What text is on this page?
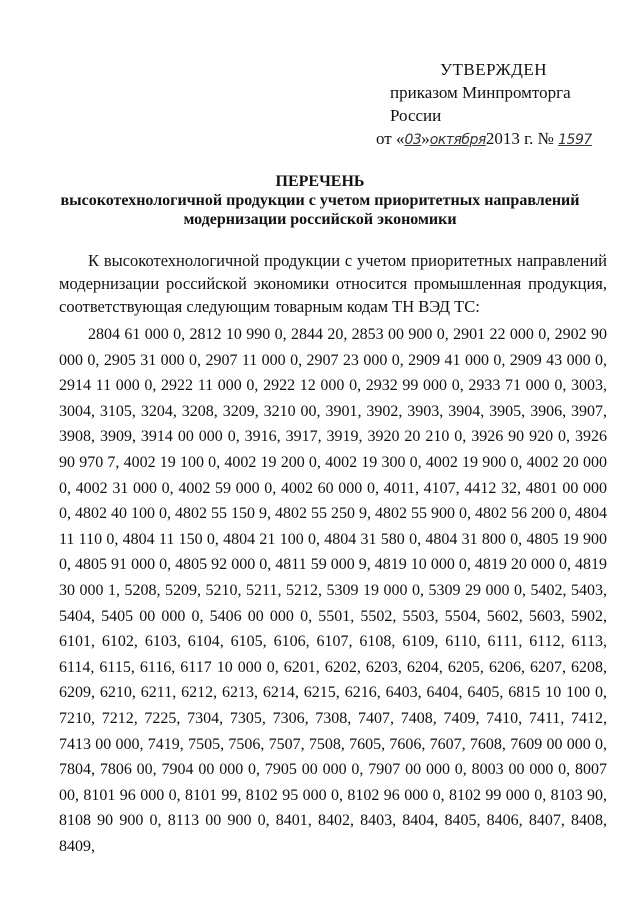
УТВЕРЖДЕН
приказом Минпромторга России
от «03»октября2013 г. № 1597
ПЕРЕЧЕНЬ
высокотехнологичной продукции с учетом приоритетных направлений
модернизации российской экономики

К высокотехнологичной продукции с учетом приоритетных направлений модернизации российской экономики относится промышленная продукция, соответствующая следующим товарным кодам ТН ВЭД ТС:

2804 61 000 0, 2812 10 990 0, 2844 20, 2853 00 900 0, 2901 22 000 0, 2902 90 000 0, 2905 31 000 0, 2907 11 000 0, 2907 23 000 0, 2909 41 000 0, 2909 43 000 0, 2914 11 000 0, 2922 11 000 0, 2922 12 000 0, 2932 99 000 0, 2933 71 000 0, 3003, 3004, 3105, 3204, 3208, 3209, 3210 00, 3901, 3902, 3903, 3904, 3905, 3906, 3907, 3908, 3909, 3914 00 000 0, 3916, 3917, 3919, 3920 20 210 0, 3926 90 920 0, 3926 90 970 7, 4002 19 100 0, 4002 19 200 0, 4002 19 300 0, 4002 19 900 0, 4002 20 000 0, 4002 31 000 0, 4002 59 000 0, 4002 60 000 0, 4011, 4107, 4412 32, 4801 00 000 0, 4802 40 100 0, 4802 55 150 9, 4802 55 250 9, 4802 55 900 0, 4802 56 200 0, 4804 11 110 0, 4804 11 150 0, 4804 21 100 0, 4804 31 580 0, 4804 31 800 0, 4805 19 900 0, 4805 91 000 0, 4805 92 000 0, 4811 59 000 9, 4819 10 000 0, 4819 20 000 0, 4819 30 000 1, 5208, 5209, 5210, 5211, 5212, 5309 19 000 0, 5309 29 000 0, 5402, 5403, 5404, 5405 00 000 0, 5406 00 000 0, 5501, 5502, 5503, 5504, 5602, 5603, 5902, 6101, 6102, 6103, 6104, 6105, 6106, 6107, 6108, 6109, 6110, 6111, 6112, 6113, 6114, 6115, 6116, 6117 10 000 0, 6201, 6202, 6203, 6204, 6205, 6206, 6207, 6208, 6209, 6210, 6211, 6212, 6213, 6214, 6215, 6216, 6403, 6404, 6405, 6815 10 100 0, 7210, 7212, 7225, 7304, 7305, 7306, 7308, 7407, 7408, 7409, 7410, 7411, 7412, 7413 00 000, 7419, 7505, 7506, 7507, 7508, 7605, 7606, 7607, 7608, 7609 00 000 0, 7804, 7806 00, 7904 00 000 0, 7905 00 000 0, 7907 00 000 0, 8003 00 000 0, 8007 00, 8101 96 000 0, 8101 99, 8102 95 000 0, 8102 96 000 0, 8102 99 000 0, 8103 90, 8108 90 900 0, 8113 00 900 0, 8401, 8402, 8403, 8404, 8405, 8406, 8407, 8408, 8409,
